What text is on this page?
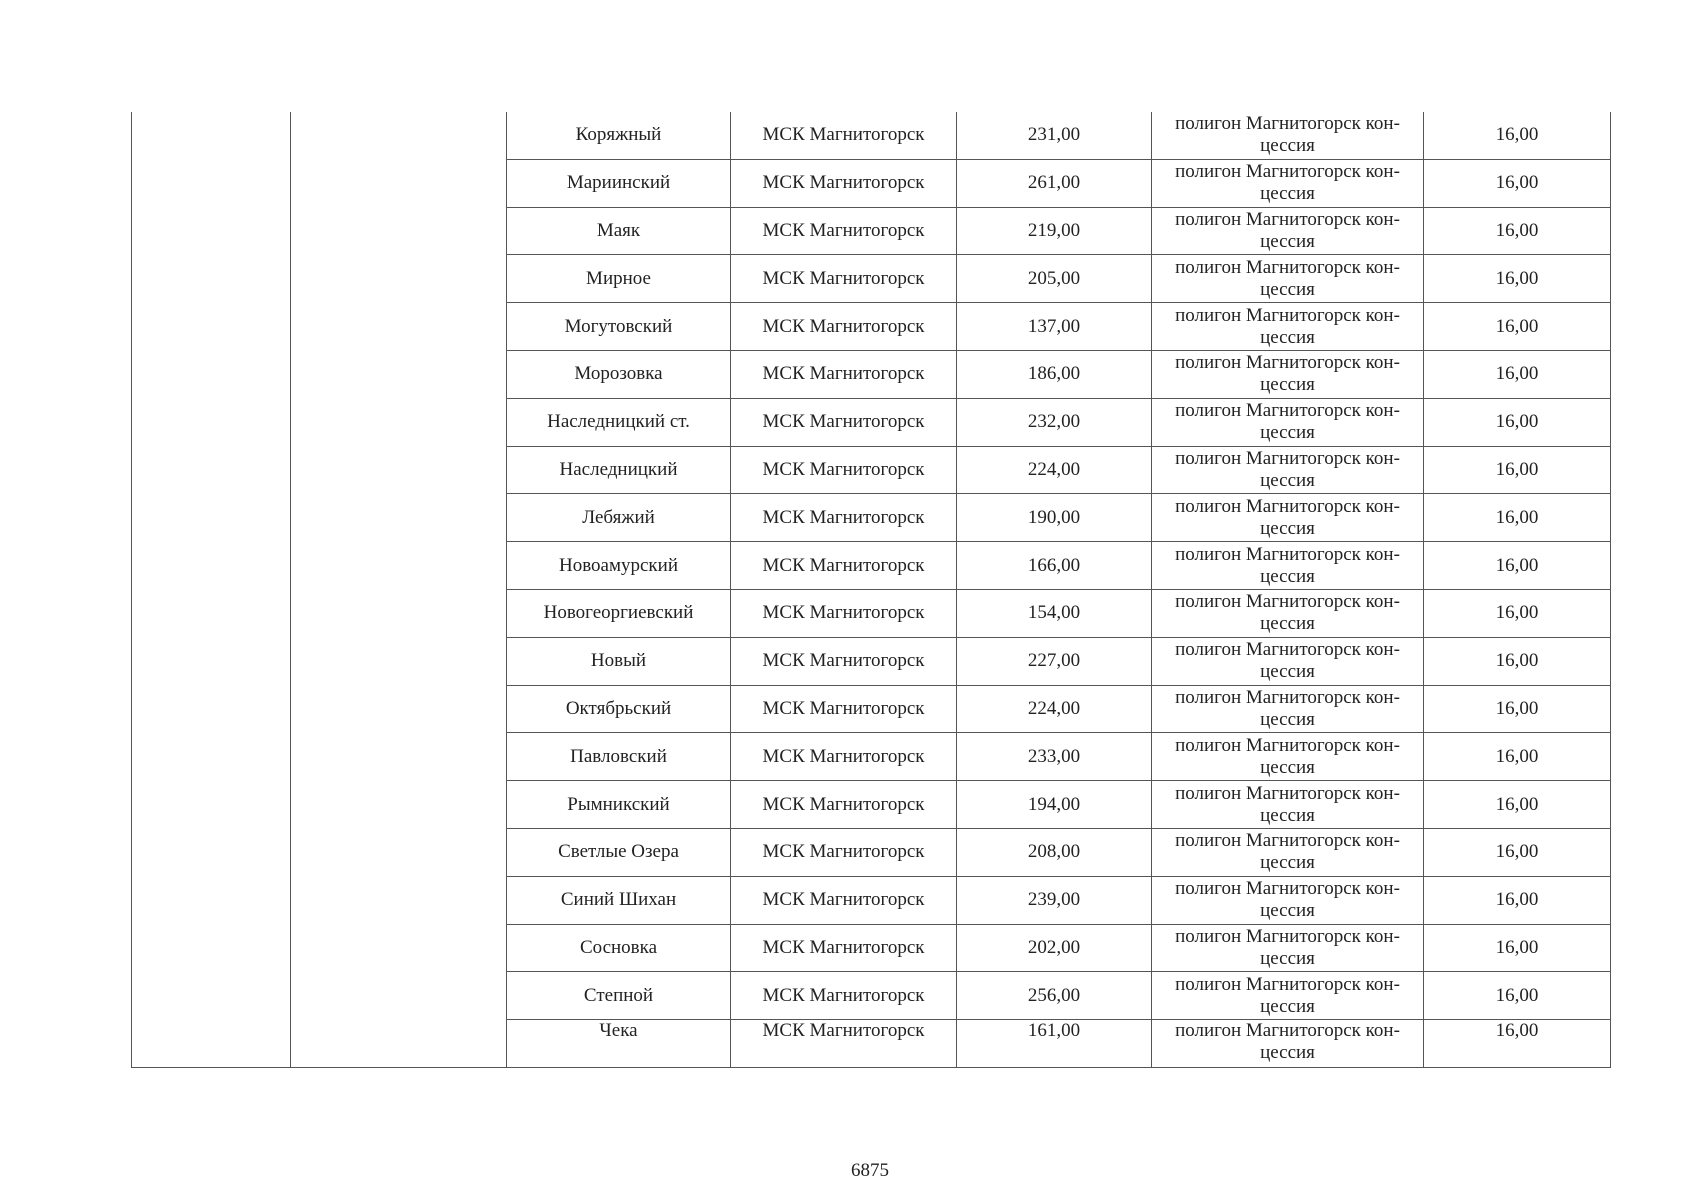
		Коряжный	МСК Магнитогорск	231,00	полигон Магнитогорск кон-цессия	16,00
		Мариинский	МСК Магнитогорск	261,00	полигон Магнитогорск кон-цессия	16,00
		Маяк	МСК Магнитогорск	219,00	полигон Магнитогорск кон-цессия	16,00
		Мирное	МСК Магнитогорск	205,00	полигон Магнитогорск кон-цессия	16,00
		Могутовский	МСК Магнитогорск	137,00	полигон Магнитогорск кон-цессия	16,00
		Морозовка	МСК Магнитогорск	186,00	полигон Магнитогорск кон-цессия	16,00
		Наследницкий ст.	МСК Магнитогорск	232,00	полигон Магнитогорск кон-цессия	16,00
		Наследницкий	МСК Магнитогорск	224,00	полигон Магнитогорск кон-цессия	16,00
		Лебяжий	МСК Магнитогорск	190,00	полигон Магнитогорск кон-цессия	16,00
		Новоамурский	МСК Магнитогорск	166,00	полигон Магнитогорск кон-цессия	16,00
		Новогеоргиевский	МСК Магнитогорск	154,00	полигон Магнитогорск кон-цессия	16,00
		Новый	МСК Магнитогорск	227,00	полигон Магнитогорск кон-цессия	16,00
		Октябрьский	МСК Магнитогорск	224,00	полигон Магнитогорск кон-цессия	16,00
		Павловский	МСК Магнитогорск	233,00	полигон Магнитогорск кон-цессия	16,00
		Рымникский	МСК Магнитогорск	194,00	полигон Магнитогорск кон-цессия	16,00
		Светлые Озера	МСК Магнитогорск	208,00	полигон Магнитогорск кон-цессия	16,00
		Синий Шихан	МСК Магнитогорск	239,00	полигон Магнитогорск кон-цессия	16,00
		Сосновка	МСК Магнитогорск	202,00	полигон Магнитогорск кон-цессия	16,00
		Степной	МСК Магнитогорск	256,00	полигон Магнитогорск кон-цессия	16,00
		Чека	МСК Магнитогорск	161,00	полигон Магнитогорск кон-цессия	16,00
6875
